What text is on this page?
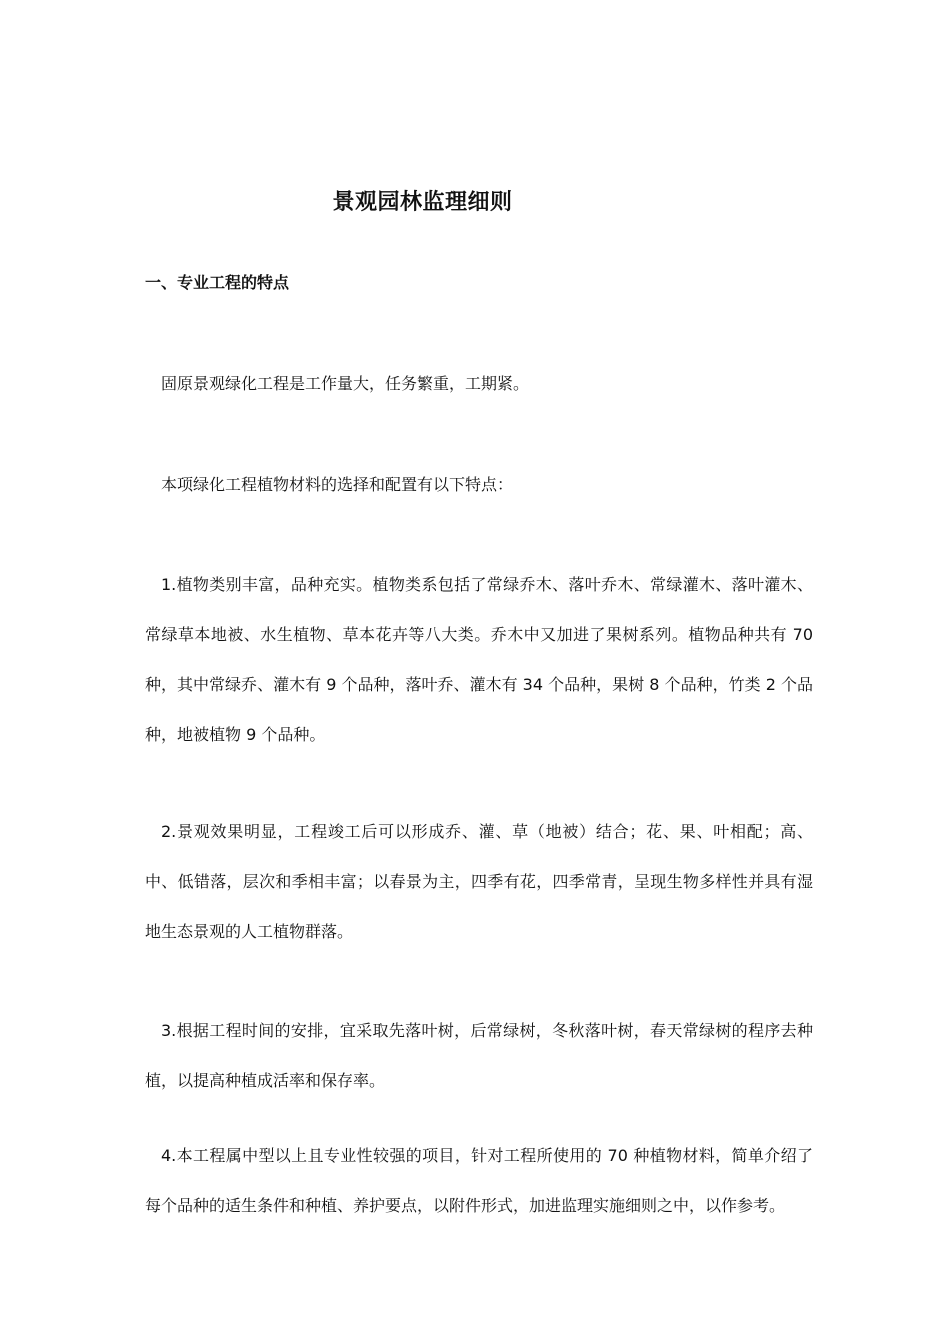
景观园林监理细则
一、专业工程的特点

固原景观绿化工程是工作量大，任务繁重，工期紧。

本项绿化工程植物材料的选择和配置有以下特点：

1.植物类别丰富，品种充实。植物类系包括了常绿乔木、落叶乔木、常绿灌木、落叶灌木、常绿草本地被、水生植物、草本花卉等八大类。乔木中又加进了果树系列。植物品种共有 70 种，其中常绿乔、灌木有 9 个品种，落叶乔、灌木有 34 个品种，果树 8 个品种，竹类 2 个品种，地被植物 9 个品种。

2.景观效果明显，工程竣工后可以形成乔、灌、草（地被）结合；花、果、叶相配；高、中、低错落，层次和季相丰富；以春景为主，四季有花，四季常青，呈现生物多样性并具有湿地生态景观的人工植物群落。

3.根据工程时间的安排，宜采取先落叶树，后常绿树，冬秋落叶树，春天常绿树的程序去种植，以提高种植成活率和保存率。

4.本工程属中型以上且专业性较强的项目，针对工程所使用的 70 种植物材料，简单介绍了每个品种的适生条件和种植、养护要点，以附件形式，加进监理实施细则之中，以作参考。
